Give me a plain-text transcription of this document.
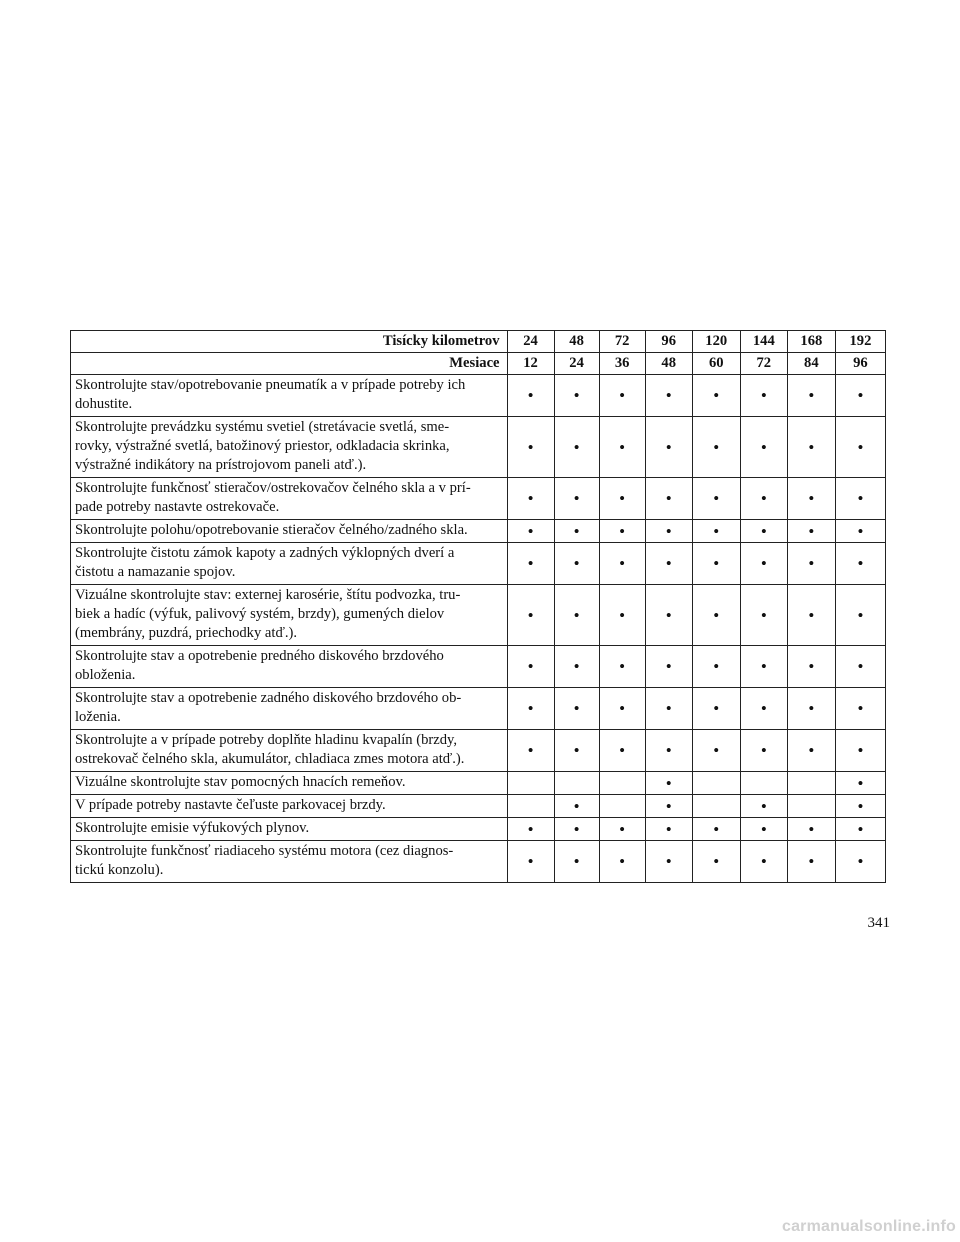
Tisícky kilometrov	24	48	72	96	120	144	168	192
Mesiace	12	24	36	48	60	72	84	96
Skontrolujte stav/opotrebovanie pneumatík a v prípade potreby ich
dohustite.	•	•	•	•	•	•	•	•
Skontrolujte prevádzku systému svetiel (stretávacie svetlá, sme-
rovky, výstražné svetlá, batožinový priestor, odkladacia skrinka,
výstražné indikátory na prístrojovom paneli atď.).	•	•	•	•	•	•	•	•
Skontrolujte funkčnosť stieračov/ostrekovačov čelného skla a v prí-
pade potreby nastavte ostrekovače.	•	•	•	•	•	•	•	•
Skontrolujte polohu/opotrebovanie stieračov čelného/zadného skla.	•	•	•	•	•	•	•	•
Skontrolujte čistotu zámok kapoty a zadných výklopných dverí a
čistotu a namazanie spojov.	•	•	•	•	•	•	•	•
Vizuálne skontrolujte stav: externej karosérie, štítu podvozka, tru-
biek a hadíc (výfuk, palivový systém, brzdy), gumených dielov
(membrány, puzdrá, priechodky atď.).	•	•	•	•	•	•	•	•
Skontrolujte stav a opotrebenie predného diskového brzdového
obloženia.	•	•	•	•	•	•	•	•
Skontrolujte stav a opotrebenie zadného diskového brzdového ob-
loženia.	•	•	•	•	•	•	•	•
Skontrolujte a v prípade potreby doplňte hladinu kvapalín (brzdy,
ostrekovač čelného skla, akumulátor, chladiaca zmes motora atď.).	•	•	•	•	•	•	•	•
Vizuálne skontrolujte stav pomocných hnacích remeňov.				•				•
V prípade potreby nastavte čeľuste parkovacej brzdy.		•		•		•		•
Skontrolujte emisie výfukových plynov.	•	•	•	•	•	•	•	•
Skontrolujte funkčnosť riadiaceho systému motora (cez diagnos-
tickú konzolu).	•	•	•	•	•	•	•	•
341
carmanualsonline.info
